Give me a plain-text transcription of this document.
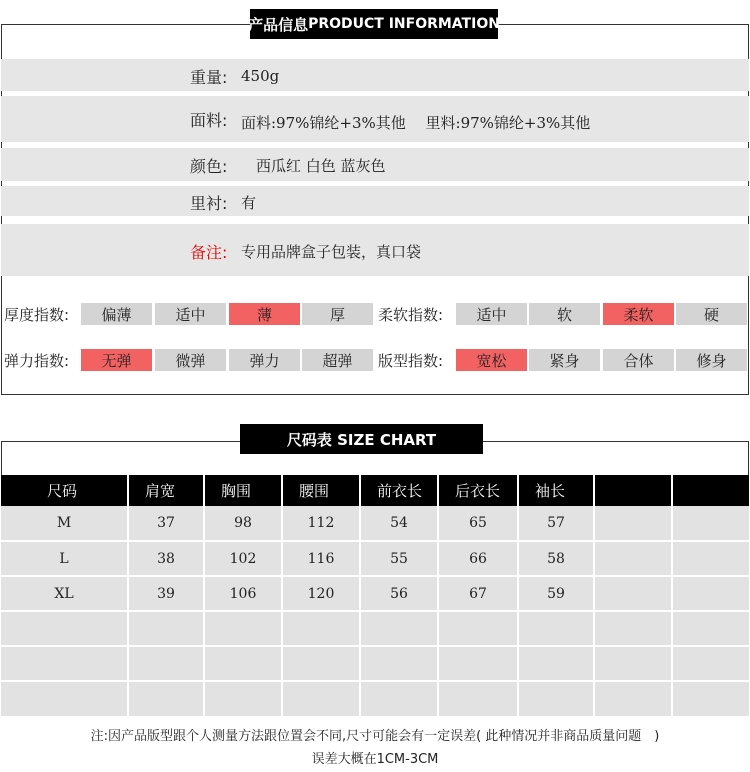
产品信息 PRODUCT INFORMATION
重量: 450g
面料: 面料:97%锦纶+3%其他　 里料:97%锦纶+3%其他
颜色: 西瓜红 白色 蓝灰色
里衬: 有
备注: 专用品牌盒子包装，真口袋
厚度指数:	偏薄	适中	薄	厚	柔软指数:	适中	软	柔软	硬
弹力指数:	无弹	微弹	弹力	超弹	版型指数:	宽松	紧身	合体	修身
尺码表 SIZE CHART
尺码	肩宽	胸围	腰围	前衣长	后衣长	袖长		
M	37	98	112	54	65	57		
L	38	102	116	55	66	58		
XL	39	106	120	56	67	59		

注:因产品版型跟个人测量方法跟位置会不同,尺寸可能会有一定误差( 此种情况并非商品质量问题　)
误差大概在1CM-3CM
